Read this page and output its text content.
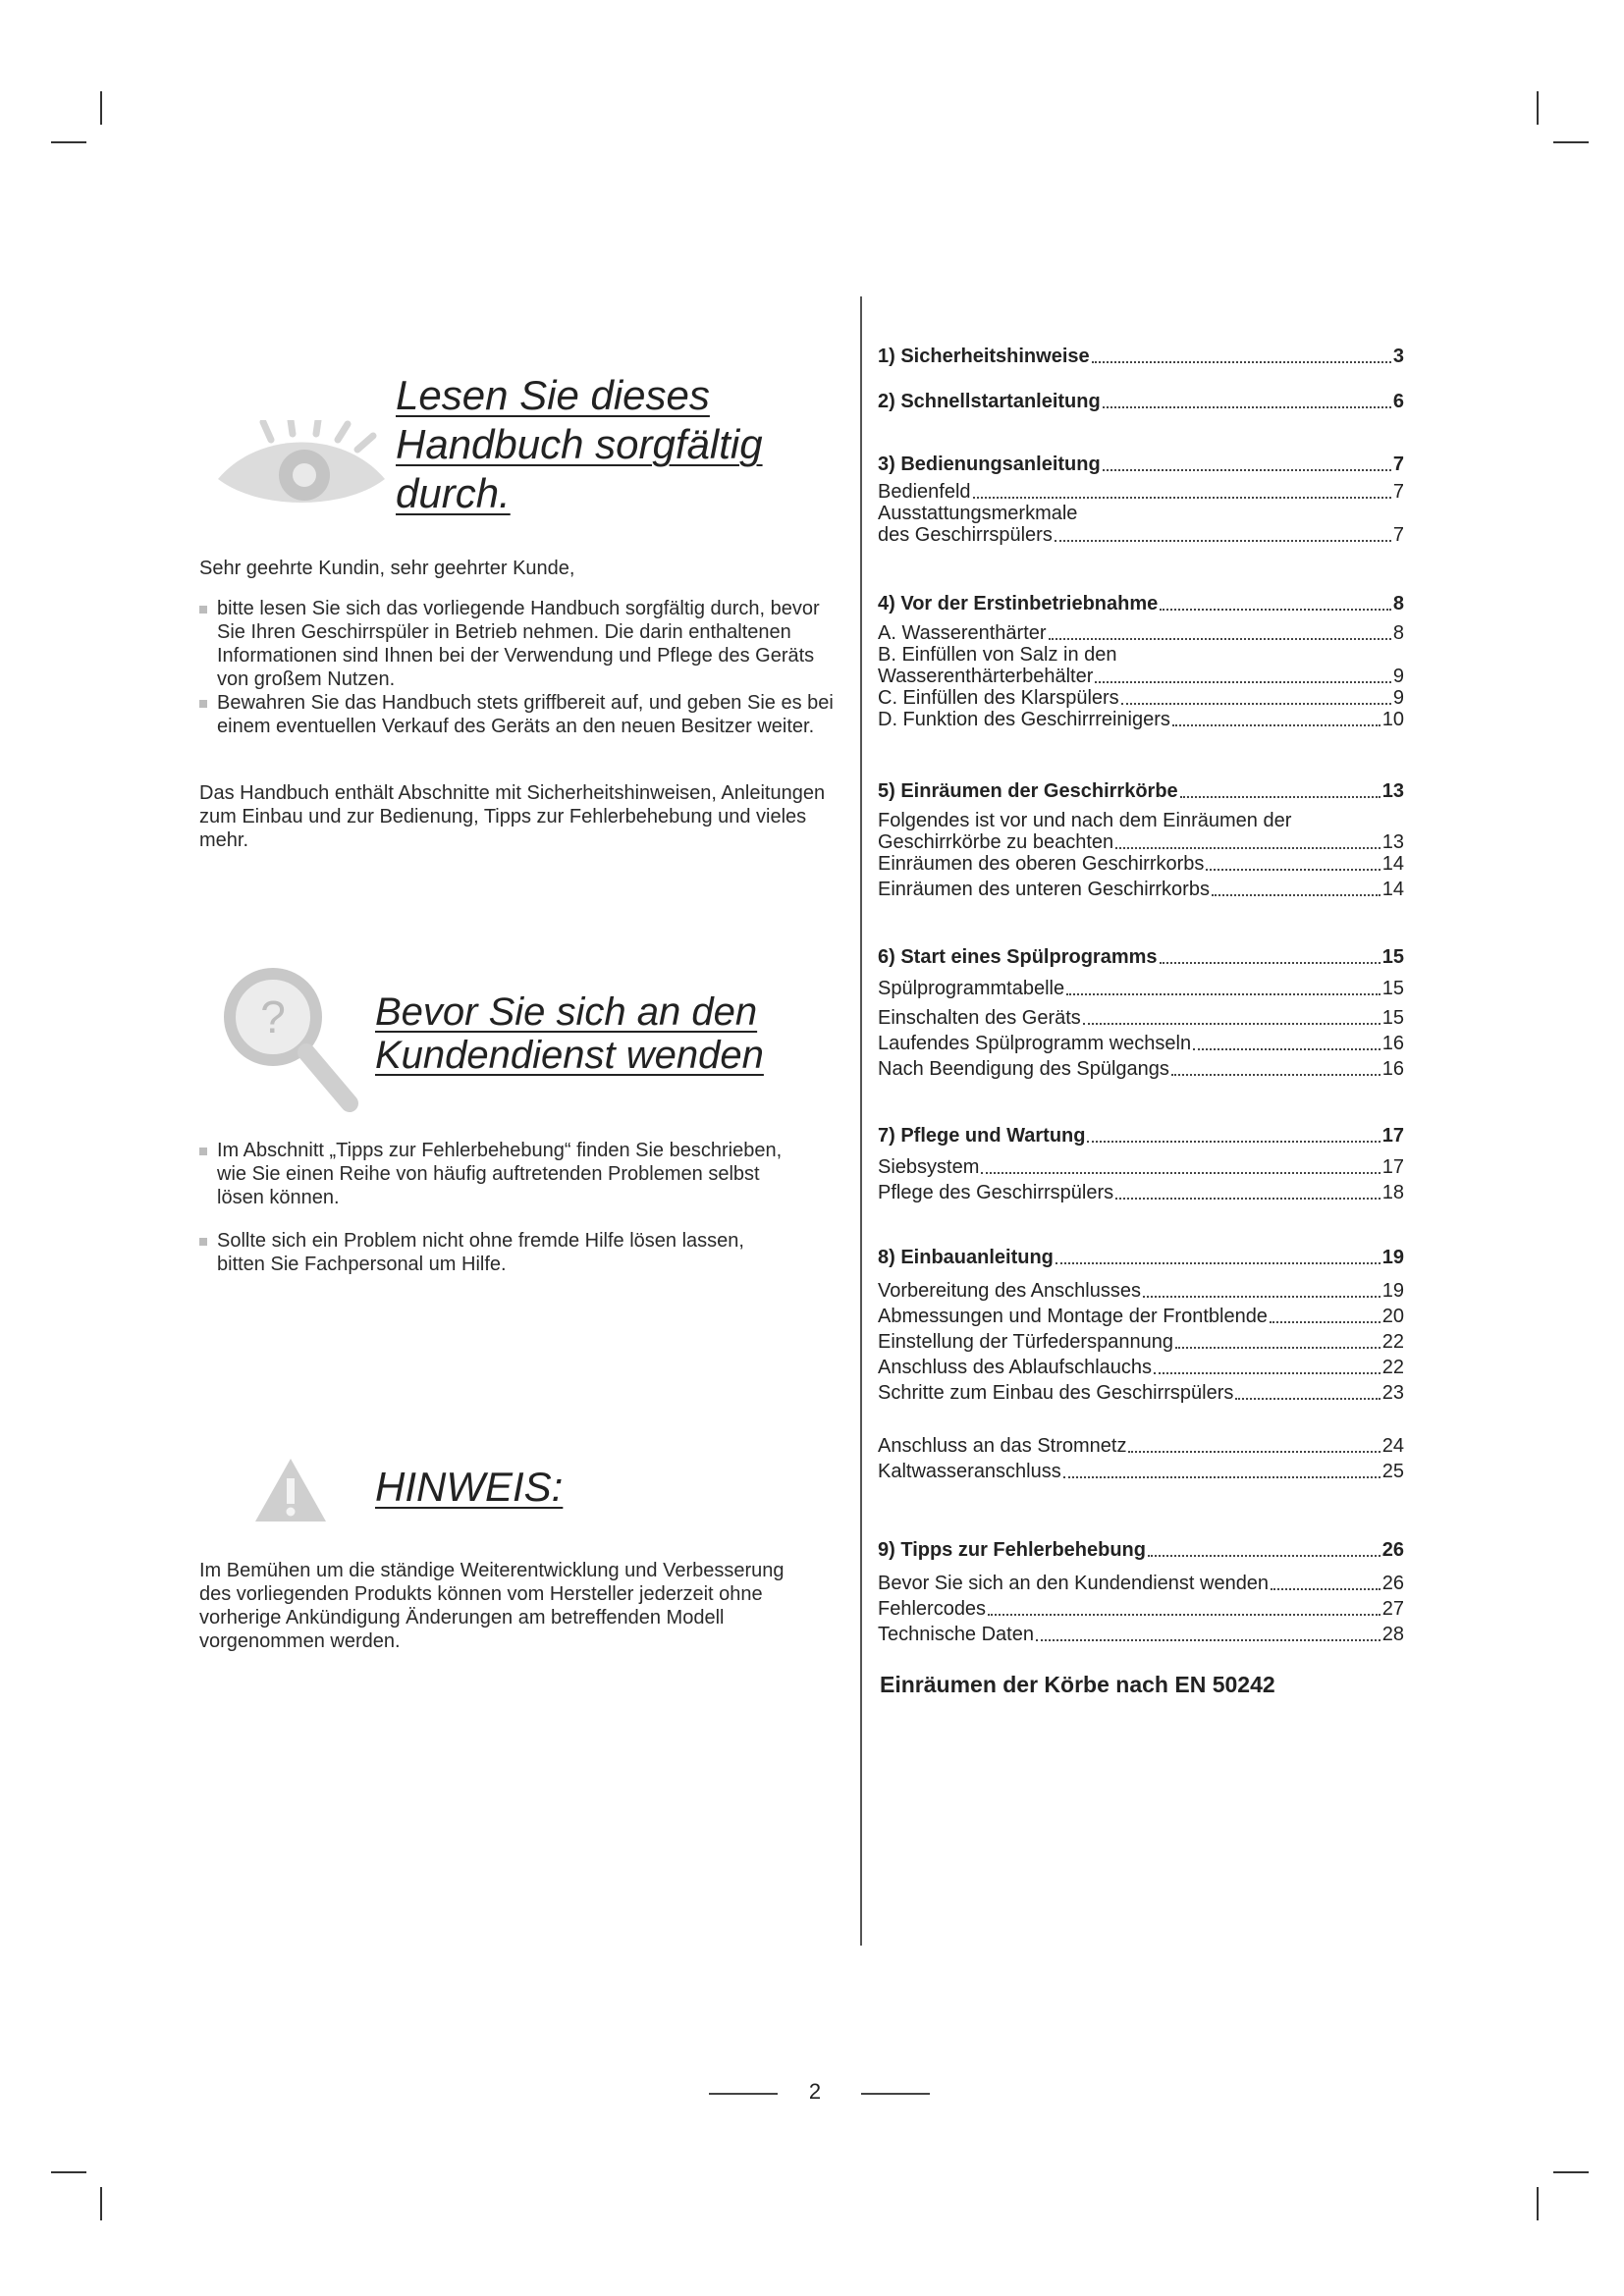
Lesen Sie dieses
Handbuch sorgfältig
durch.

Sehr geehrte Kundin, sehr geehrter Kunde,

bitte lesen Sie sich das vorliegende Handbuch sorgfältig durch, bevor Sie Ihren Geschirrspüler in Betrieb nehmen. Die darin enthaltenen Informationen sind Ihnen bei der Verwendung und Pflege des Geräts von großem Nutzen.
Bewahren Sie das Handbuch stets griffbereit auf, und geben Sie es bei einem eventuellen Verkauf des Geräts an den neuen Besitzer weiter.

Das Handbuch enthält Abschnitte mit Sicherheitshinweisen, Anleitungen zum Einbau und zur Bedienung, Tipps zur Fehlerbehebung und vieles mehr.

? Bevor Sie sich an den
Kundendienst wenden
Im Abschnitt „Tipps zur Fehlerbehebung“ finden Sie beschrieben, wie Sie einen Reihe von häufig auftretenden Problemen selbst lösen können.
Sollte sich ein Problem nicht ohne fremde Hilfe lösen lassen, bitten Sie Fachpersonal um Hilfe.
HINWEIS:

Im Bemühen um die ständige Weiterentwicklung und Verbesserung des vorliegenden Produkts können vom Hersteller jederzeit ohne vorherige Ankündigung Änderungen am betreffenden Modell vorgenommen werden.

1) Sicherheitshinweise	3
2) Schnellstartanleitung	6
3) Bedienungsanleitung	7
Bedienfeld	7
Ausstattungsmerkmale
des Geschirrspülers	7
4) Vor der Erstinbetriebnahme	8
A. Wasserenthärter	8
B. Einfüllen von Salz in den
Wasserenthärterbehälter	9
C. Einfüllen des Klarspülers	9
D. Funktion des Geschirrreinigers	10
5) Einräumen der Geschirrkörbe	13
Folgendes ist vor und nach dem Einräumen der
Geschirrkörbe zu beachten	13
Einräumen des oberen Geschirrkorbs	14
Einräumen des unteren Geschirrkorbs	14
6) Start eines Spülprogramms	15
Spülprogrammtabelle	15
Einschalten des Geräts	15
Laufendes Spülprogramm wechseln	16
Nach Beendigung des Spülgangs	16
7) Pflege und Wartung	17
Siebsystem	17
Pflege des Geschirrspülers	18
8) Einbauanleitung	19
Vorbereitung des Anschlusses	19
Abmessungen und Montage der Frontblende	20
Einstellung der Türfederspannung	22
Anschluss des Ablaufschlauchs	22
Schritte zum Einbau des Geschirrspülers	23
Anschluss an das Stromnetz	24
Kaltwasseranschluss	25
9) Tipps zur Fehlerbehebung	26
Bevor Sie sich an den Kundendienst wenden	26
Fehlercodes	27
Technische Daten	28
Einräumen der Körbe nach EN 50242
2
